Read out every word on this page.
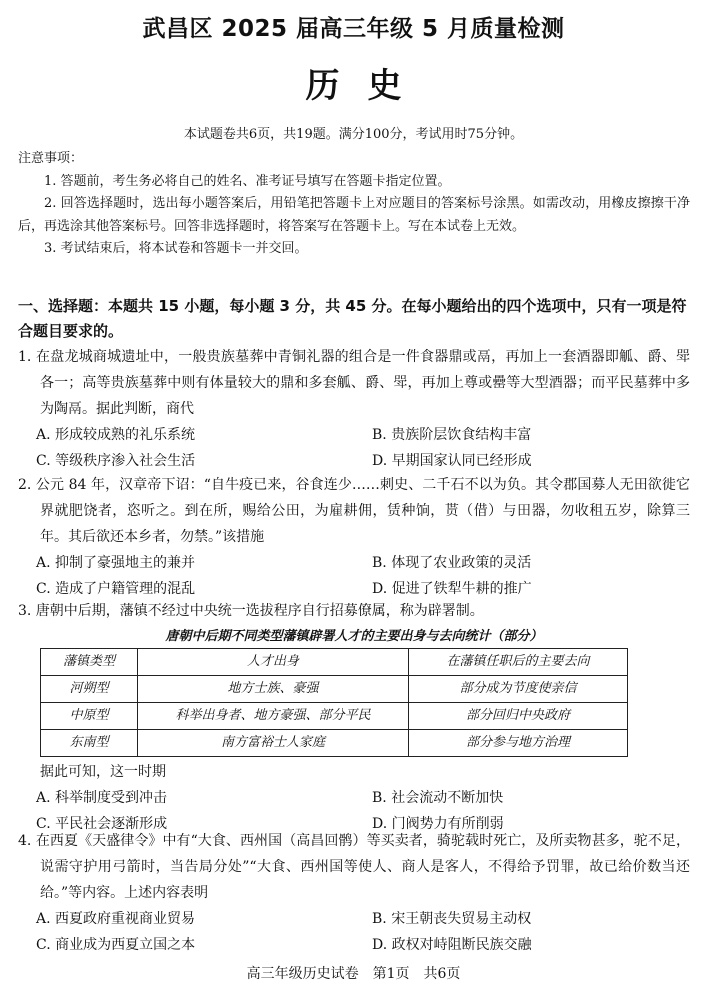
武昌区 2025 届高三年级 5 月质量检测
历史
本试题卷共6页，共19题。满分100分，考试用时75分钟。

注意事项：

1. 答题前，考生务必将自己的姓名、准考证号填写在答题卡指定位置。

2. 回答选择题时，选出每小题答案后，用铅笔把答题卡上对应题目的答案标号涂黑。如需改动，用橡皮擦擦干净后，再选涂其他答案标号。回答非选择题时，将答案写在答题卡上。写在本试卷上无效。

3. 考试结束后，将本试卷和答题卡一并交回。

一、选择题：本题共 15 小题，每小题 3 分，共 45 分。在每小题给出的四个选项中，只有一项是符合题目要求的。

1. 在盘龙城商城遗址中，一般贵族墓葬中青铜礼器的组合是一件食器鼎或鬲，再加上一套酒器即觚、爵、斝各一；高等贵族墓葬中则有体量较大的鼎和多套觚、爵、斝，再加上尊或罍等大型酒器；而平民墓葬中多为陶鬲。据此判断，商代

A. 形成较成熟的礼乐系统	B. 贵族阶层饮食结构丰富
C. 等级秩序渗入社会生活	D. 早期国家认同已经形成

2. 公元 84 年，汉章帝下诏：“自牛疫已来，谷食连少……刺史、二千石不以为负。其令郡国募人无田欲徙它界就肥饶者，恣听之。到在所，赐给公田，为雇耕佣，赁种饷，贳（借）与田器，勿收租五岁，除算三年。其后欲还本乡者，勿禁。”该措施

A. 抑制了豪强地主的兼并	B. 体现了农业政策的灵活
C. 造成了户籍管理的混乱	D. 促进了铁犁牛耕的推广

3. 唐朝中后期，藩镇不经过中央统一选拔程序自行招募僚属，称为辟署制。

唐朝中后期不同类型藩镇辟署人才的主要出身与去向统计（部分）
藩镇类型	人才出身	在藩镇任职后的主要去向
河朔型	地方士族、豪强	部分成为节度使亲信
中原型	科举出身者、地方豪强、部分平民	部分回归中央政府
东南型	南方富裕士人家庭	部分参与地方治理

据此可知，这一时期

A. 科举制度受到冲击	B. 社会流动不断加快
C. 平民社会逐渐形成	D. 门阀势力有所削弱

4. 在西夏《天盛律令》中有“大食、西州国（高昌回鹘）等买卖者，骑驼载时死亡，及所卖物甚多，驼不足，说需守护用弓箭时，当告局分处”“大食、西州国等使人、商人是客人，不得给予罚罪，故已给价数当还给。”等内容。上述内容表明

A. 西夏政府重视商业贸易	B. 宋王朝丧失贸易主动权
C. 商业成为西夏立国之本	D. 政权对峙阻断民族交融
高三年级历史试卷　第1页　共6页
